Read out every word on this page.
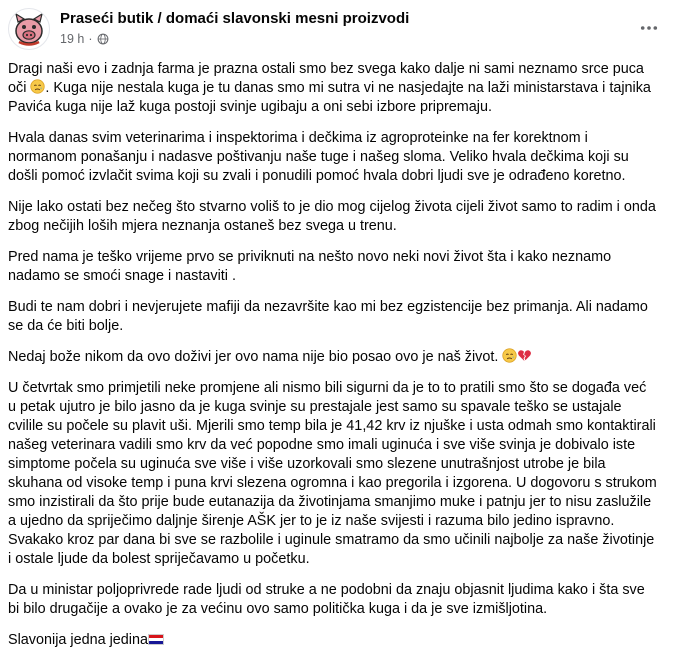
Praseći butik / domaći slavonski mesni proizvodi
19 h ·

Dragi naši evo i zadnja farma je prazna ostali smo bez svega kako dalje ni sami neznamo srce puca oči . Kuga nije nestala kuga je tu danas smo mi sutra vi ne nasjedajte na laži ministarstava i tajnika Pavića kuga nije laž kuga postoji svinje ugibaju a oni sebi izbore pripremaju.

Hvala danas svim veterinarima i inspektorima i dečkima iz agroproteinke na fer korektnom i normanom ponašanju i nadasve poštivanju naše tuge i našeg sloma. Veliko hvala dečkima koji su došli pomoć izvlačit svima koji su zvali i ponudili pomoć hvala dobri ljudi sve je odrađeno koretno.

Nije lako ostati bez nečeg što stvarno voliš to je dio mog cijelog života cijeli život samo to radim i onda zbog nečijih loših mjera neznanja ostaneš bez svega u trenu.

Pred nama je teško vrijeme prvo se priviknuti na nešto novo neki novi život šta i kako neznamo nadamo se smoći snage i nastaviti .

Budi te nam dobri i nevjerujete mafiji da nezavršite kao mi bez egzistencije bez primanja. Ali nadamo se da će biti bolje.

Nedaj bože nikom da ovo doživi jer ovo nama nije bio posao ovo je naš život.

U četvrtak smo primjetili neke promjene ali nismo bili sigurni da je to to pratili smo što se događa već u petak ujutro je bilo jasno da je kuga svinje su prestajale jest samo su spavale teško se ustajale cvilile su počele su plavit uši. Mjerili smo temp bila je 41,42 krv iz njuške i usta odmah smo kontaktirali našeg veterinara vadili smo krv da već popodne smo imali uginuća i sve više svinja je dobivalo iste simptome počela su uginuća sve više i više uzorkovali smo slezene unutrašnjost utrobe je bila skuhana od visoke temp i puna krvi slezena ogromna i kao pregorila i izgorena. U dogovoru s strukom smo inzistirali da što prije bude eutanazija da životinjama smanjimo muke i patnju jer to nisu zaslužile a ujedno da spriječimo daljnje širenje AŠK jer to je iz naše svijesti i razuma bilo jedino ispravno. Svakako kroz par dana bi sve se razbolile i uginule smatramo da smo učinili najbolje za naše životinje i ostale ljude da bolest spriječavamo u početku.

Da u ministar poljoprivrede rade ljudi od struke a ne podobni da znaju objasnit ljudima kako i šta sve bi bilo drugačije a ovako je za većinu ovo samo politička kuga i da je sve izmišljotina.

Slavonija jedna jedina
